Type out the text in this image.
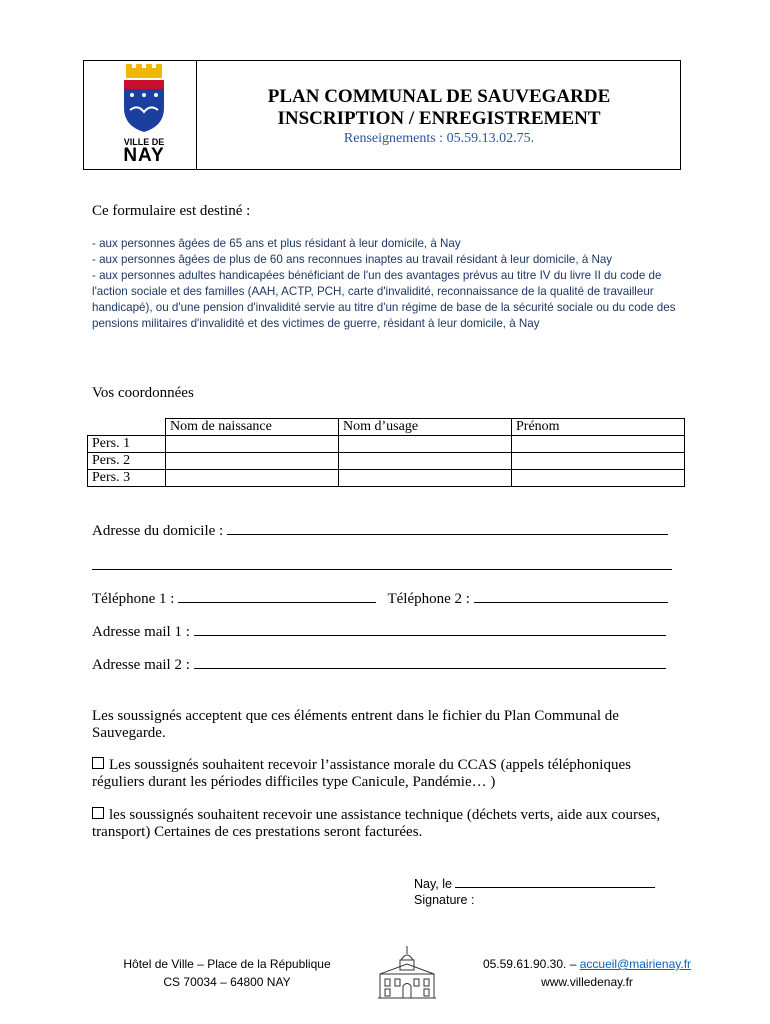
VILLE DE
NAY
PLAN COMMUNAL DE SAUVEGARDE
INSCRIPTION / ENREGISTREMENT
Renseignements : 05.59.13.02.75.
Ce formulaire est destiné :

- aux personnes âgées de 65 ans et plus résidant à leur domicile, à Nay

- aux personnes âgées de plus de 60 ans reconnues inaptes au travail résidant à leur domicile, à Nay

- aux personnes adultes handicapées bénéficiant de l'un des avantages prévus au titre IV du livre II du code de l'action sociale et des familles (AAH, ACTP, PCH, carte d'invalidité, reconnaissance de la qualité de travailleur handicapé), ou d'une pension d'invalidité servie au titre d'un régime de base de la sécurité sociale ou du code des pensions militaires d'invalidité et des victimes de guerre, résidant à leur domicile, à Nay

Vos coordonnées
	Nom de naissance	Nom d’usage	Prénom
Pers. 1			
Pers. 2			
Pers. 3			
Adresse du domicile :
Téléphone 1 :	Téléphone 2 :
Adresse mail 1 :
Adresse mail 2 :
Les soussignés acceptent que ces éléments entrent dans le fichier du Plan Communal de Sauvegarde.
Les soussignés souhaitent recevoir l’assistance morale du CCAS (appels téléphoniques réguliers durant les périodes difficiles type Canicule, Pandémie… )
les soussignés souhaitent recevoir une assistance technique (déchets verts, aide aux courses, transport) Certaines de ces prestations seront facturées.
Nay, le
Signature :
Hôtel de Ville – Place de la République
CS 70034 – 64800 NAY
05.59.61.90.30. – accueil@mairienay.fr
www.villedenay.fr
